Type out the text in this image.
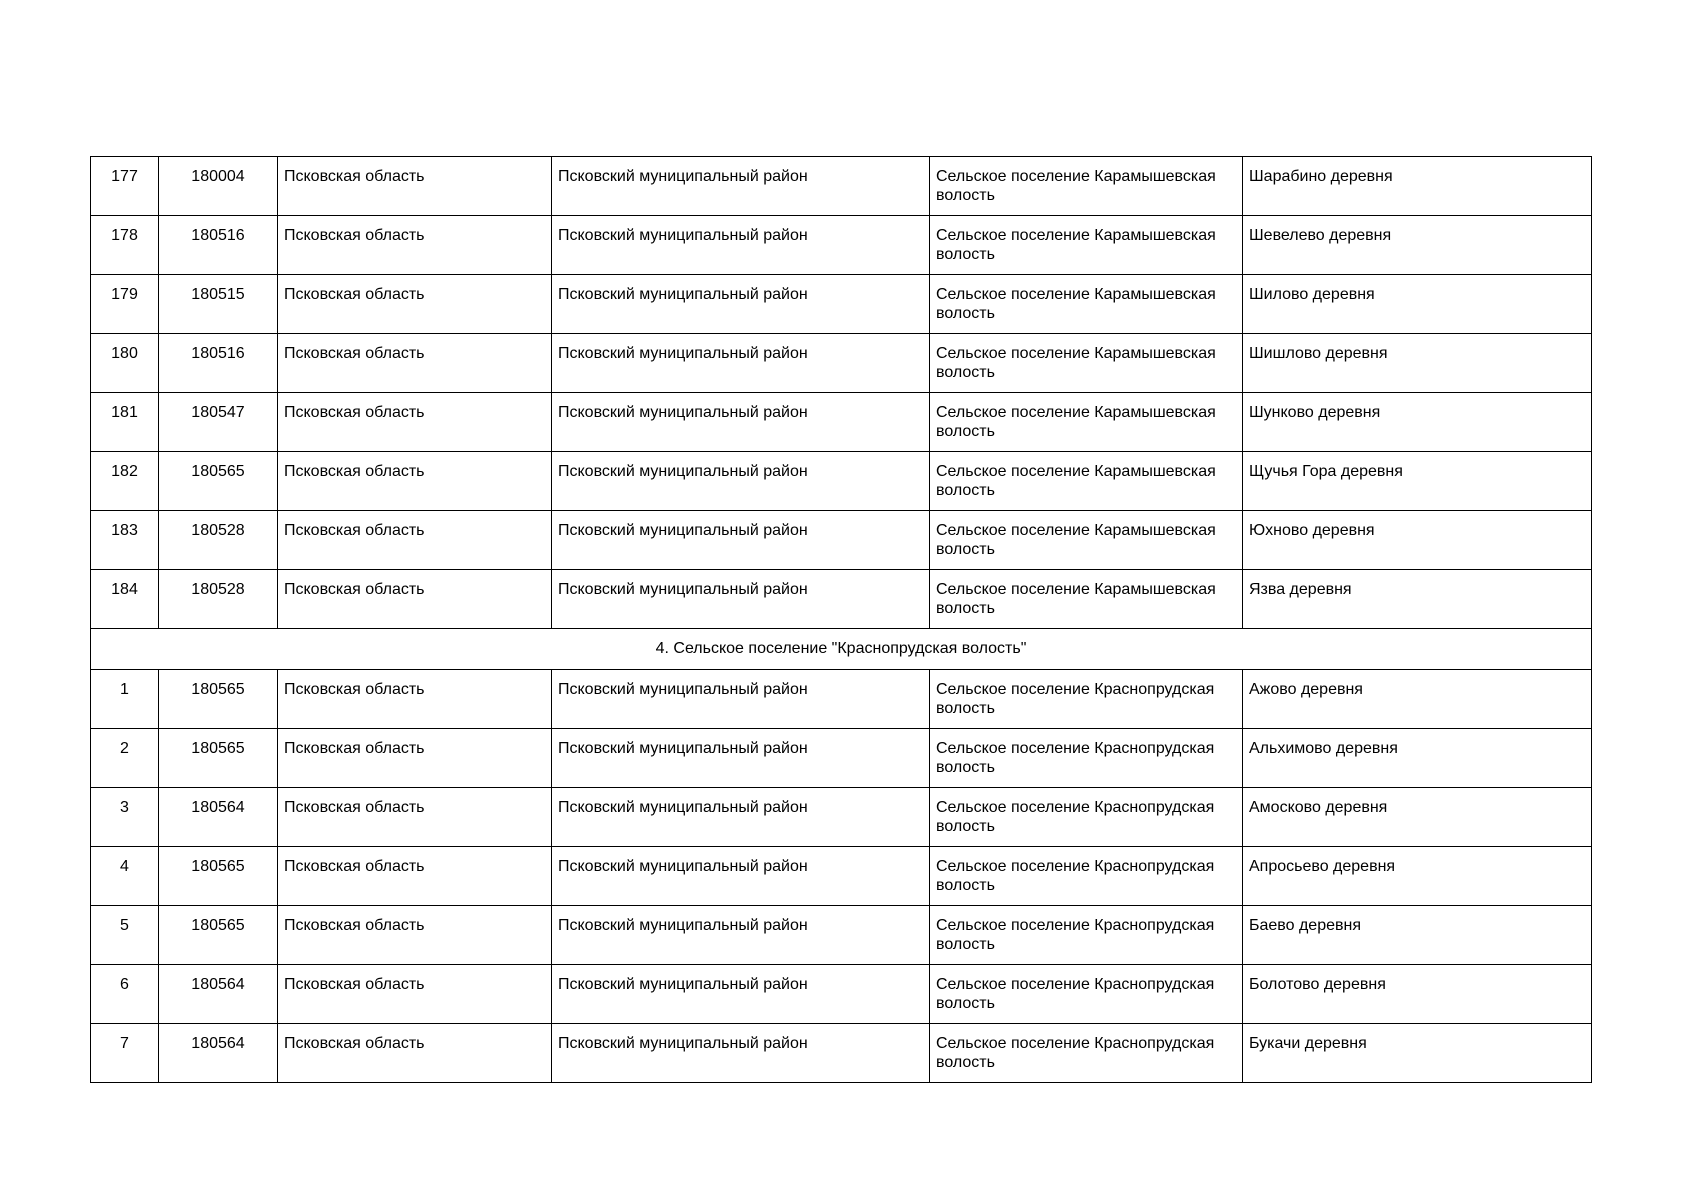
177	180004	Псковская область	Псковский муниципальный район	Сельское поселение Карамышевская волость	Шарабино деревня
178	180516	Псковская область	Псковский муниципальный район	Сельское поселение Карамышевская волость	Шевелево деревня
179	180515	Псковская область	Псковский муниципальный район	Сельское поселение Карамышевская волость	Шилово деревня
180	180516	Псковская область	Псковский муниципальный район	Сельское поселение Карамышевская волость	Шишлово деревня
181	180547	Псковская область	Псковский муниципальный район	Сельское поселение Карамышевская волость	Шунково деревня
182	180565	Псковская область	Псковский муниципальный район	Сельское поселение Карамышевская волость	Щучья Гора деревня
183	180528	Псковская область	Псковский муниципальный район	Сельское поселение Карамышевская волость	Юхново деревня
184	180528	Псковская область	Псковский муниципальный район	Сельское поселение Карамышевская волость	Язва деревня
4. Сельское поселение "Краснопрудская волость"					
1	180565	Псковская область	Псковский муниципальный район	Сельское поселение Краснопрудская волость	Ажово деревня
2	180565	Псковская область	Псковский муниципальный район	Сельское поселение Краснопрудская волость	Альхимово деревня
3	180564	Псковская область	Псковский муниципальный район	Сельское поселение Краснопрудская волость	Амосково деревня
4	180565	Псковская область	Псковский муниципальный район	Сельское поселение Краснопрудская волость	Апросьево деревня
5	180565	Псковская область	Псковский муниципальный район	Сельское поселение Краснопрудская волость	Баево деревня
6	180564	Псковская область	Псковский муниципальный район	Сельское поселение Краснопрудская волость	Болотово деревня
7	180564	Псковская область	Псковский муниципальный район	Сельское поселение Краснопрудская волость	Букачи деревня
